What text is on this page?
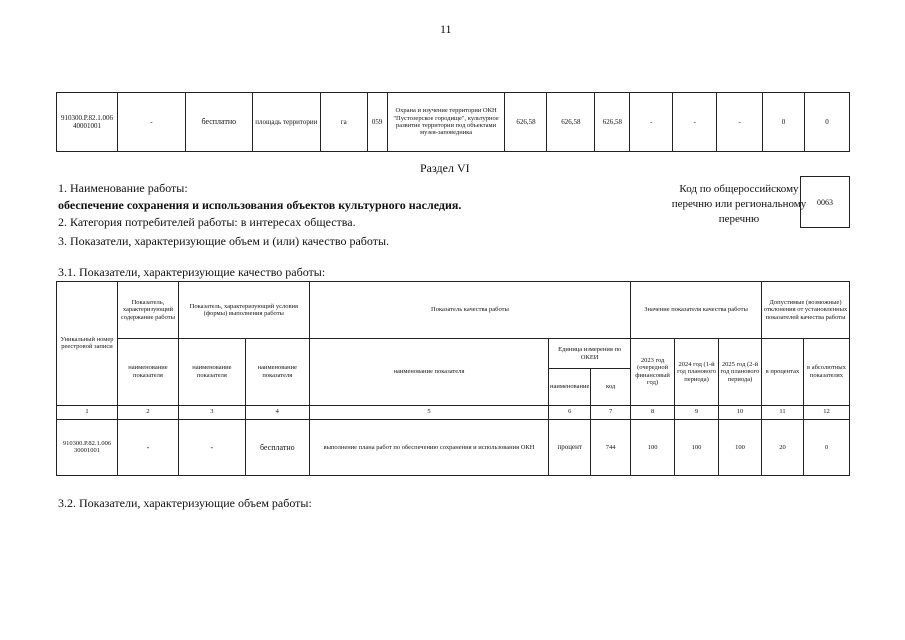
11
910300.Р.82.1.006 40001001	-	бесплатно	площадь территории	га	059	Охрана и изучение территории ОКН "Пустозерское городище", культурное развитие территории под объектами музея-заповедника	626,58	626,58	626,58	-	-	-	0	0
Раздел VI
1. Наименование работы:
обеспечение сохранения и использования объектов культурного наследия.
2. Категория потребителей работы: в интересах общества.
3. Показатели, характеризующие объем и (или) качество работы.
Код по общероссийскому перечню или региональному перечню
0063
3.1. Показатели, характеризующие качество работы:
Уникальный номер реестровой записи	Показатель, характеризующий содержание работы	Показатель, характеризующий условия (формы) выполнения работы		Показатель качества работы			Значение показателя качества работы			Допустимые (возможные) отклонения от установленных показателей качества работы	
	наименование показателя	наименование показателя	наименование показателя	наименование показателя	Единица измерения по ОКЕИ		2023 год (очередной финансовый год)	2024 год (1-й год планового периода)	2025 год (2-й год планового периода)	в процентах	в абсолютных показателях
					наименование	код					
1	2	3	4	5	6	7	8	9	10	11	12
910300.Р.82.1.006 30001001	-	-	бесплатно	выполнение плана работ по обеспечению сохранения и использования ОКН	процент	744	100	100	100	20	0
3.2. Показатели, характеризующие объем работы:
